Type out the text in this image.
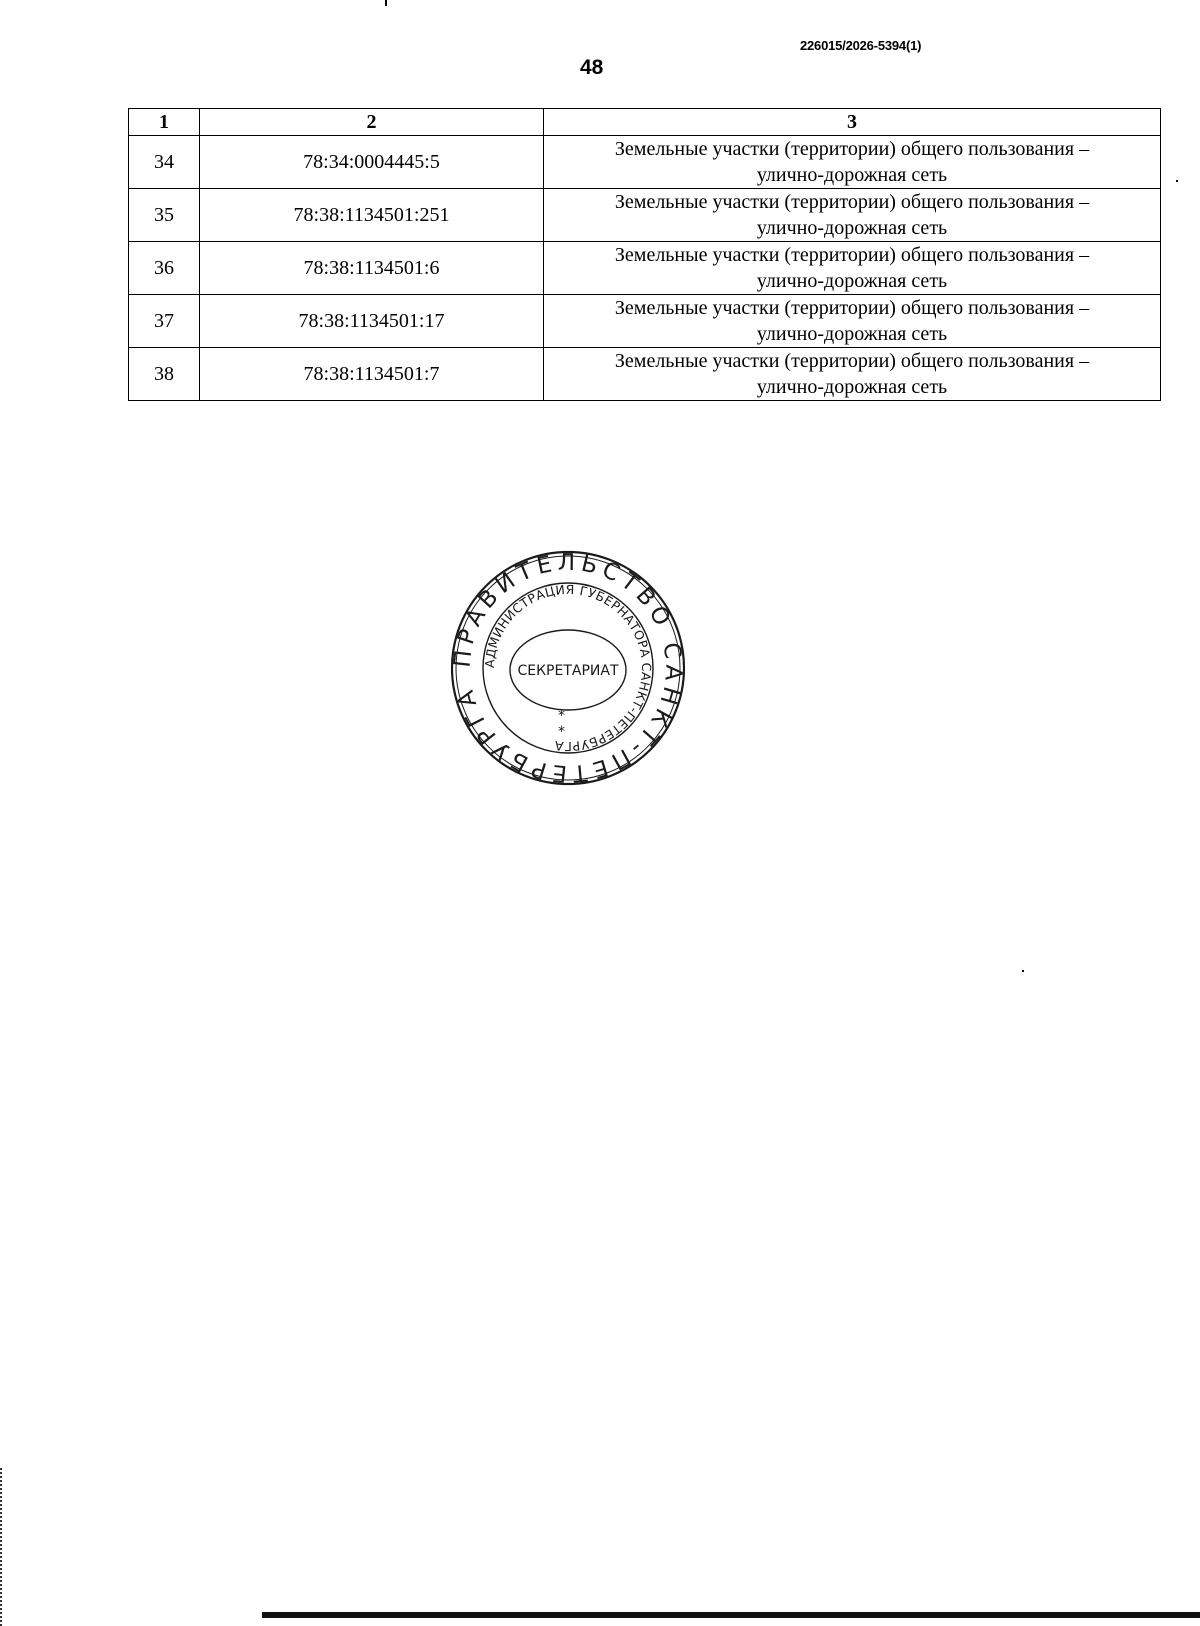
226015/2026-5394(1)
48
1	2	3
34	78:34:0004445:5	Земельные участки (территории) общего пользования –
улично-дорожная сеть
35	78:38:1134501:251	Земельные участки (территории) общего пользования –
улично-дорожная сеть
36	78:38:1134501:6	Земельные участки (территории) общего пользования –
улично-дорожная сеть
37	78:38:1134501:17	Земельные участки (территории) общего пользования –
улично-дорожная сеть
38	78:38:1134501:7	Земельные участки (территории) общего пользования –
улично-дорожная сеть
ПРАВИТЕЛЬСТВО САНКТ-ПЕТЕРБУРГА
АДМИНИСТРАЦИЯ ГУБЕРНАТОРА САНКТ-ПЕТЕРБУРГА
СЕКРЕТАРИАТ
*
*
